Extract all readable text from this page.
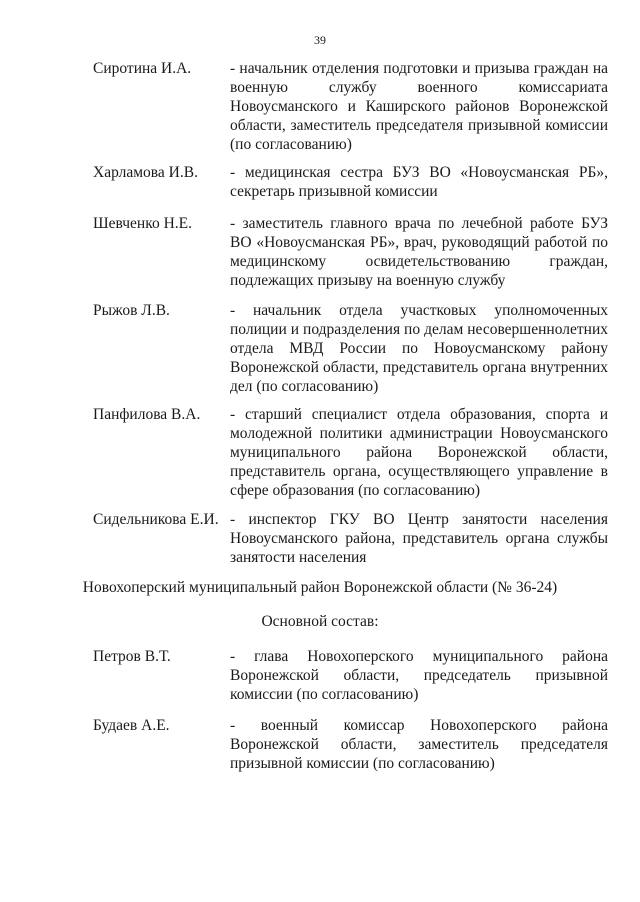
39
Сиротина И.А.	- начальник отделения подготовки и призыва граждан на военную службу военного комиссариата Новоусманского и Каширского районов Воронежской области, заместитель председателя призывной комиссии (по согласованию)
Харламова И.В. - медицинская сестра БУЗ ВО «Новоусманская РБ», секретарь призывной комиссии
Шевченко Н.Е. - заместитель главного врача по лечебной работе БУЗ ВО «Новоусманская РБ», врач, руководящий работой по медицинскому освидетельствованию граждан, подлежащих призыву на военную службу
Рыжов Л.В.	- начальник отдела участковых уполномоченных полиции и подразделения по делам несовершеннолетних отдела МВД России по Новоусманскому району Воронежской области, представитель органа внутренних дел (по согласованию)
Панфилова В.А. - старший специалист отдела образования, спорта и молодежной политики администрации Новоусманского муниципального района Воронежской области, представитель органа, осуществляющего управление в сфере образования (по согласованию)
Сидельникова Е.И. - инспектор ГКУ ВО Центр занятости населения Новоусманского района, представитель органа службы занятости населения
Новохоперский муниципальный район Воронежской области (№ 36-24)
Основной состав:
Петров В.Т.	- глава Новохоперского муниципального района Воронежской области, председатель призывной комиссии (по согласованию)
Будаев А.Е.	- военный комиссар Новохоперского района Воронежской области, заместитель председателя призывной комиссии (по согласованию)
